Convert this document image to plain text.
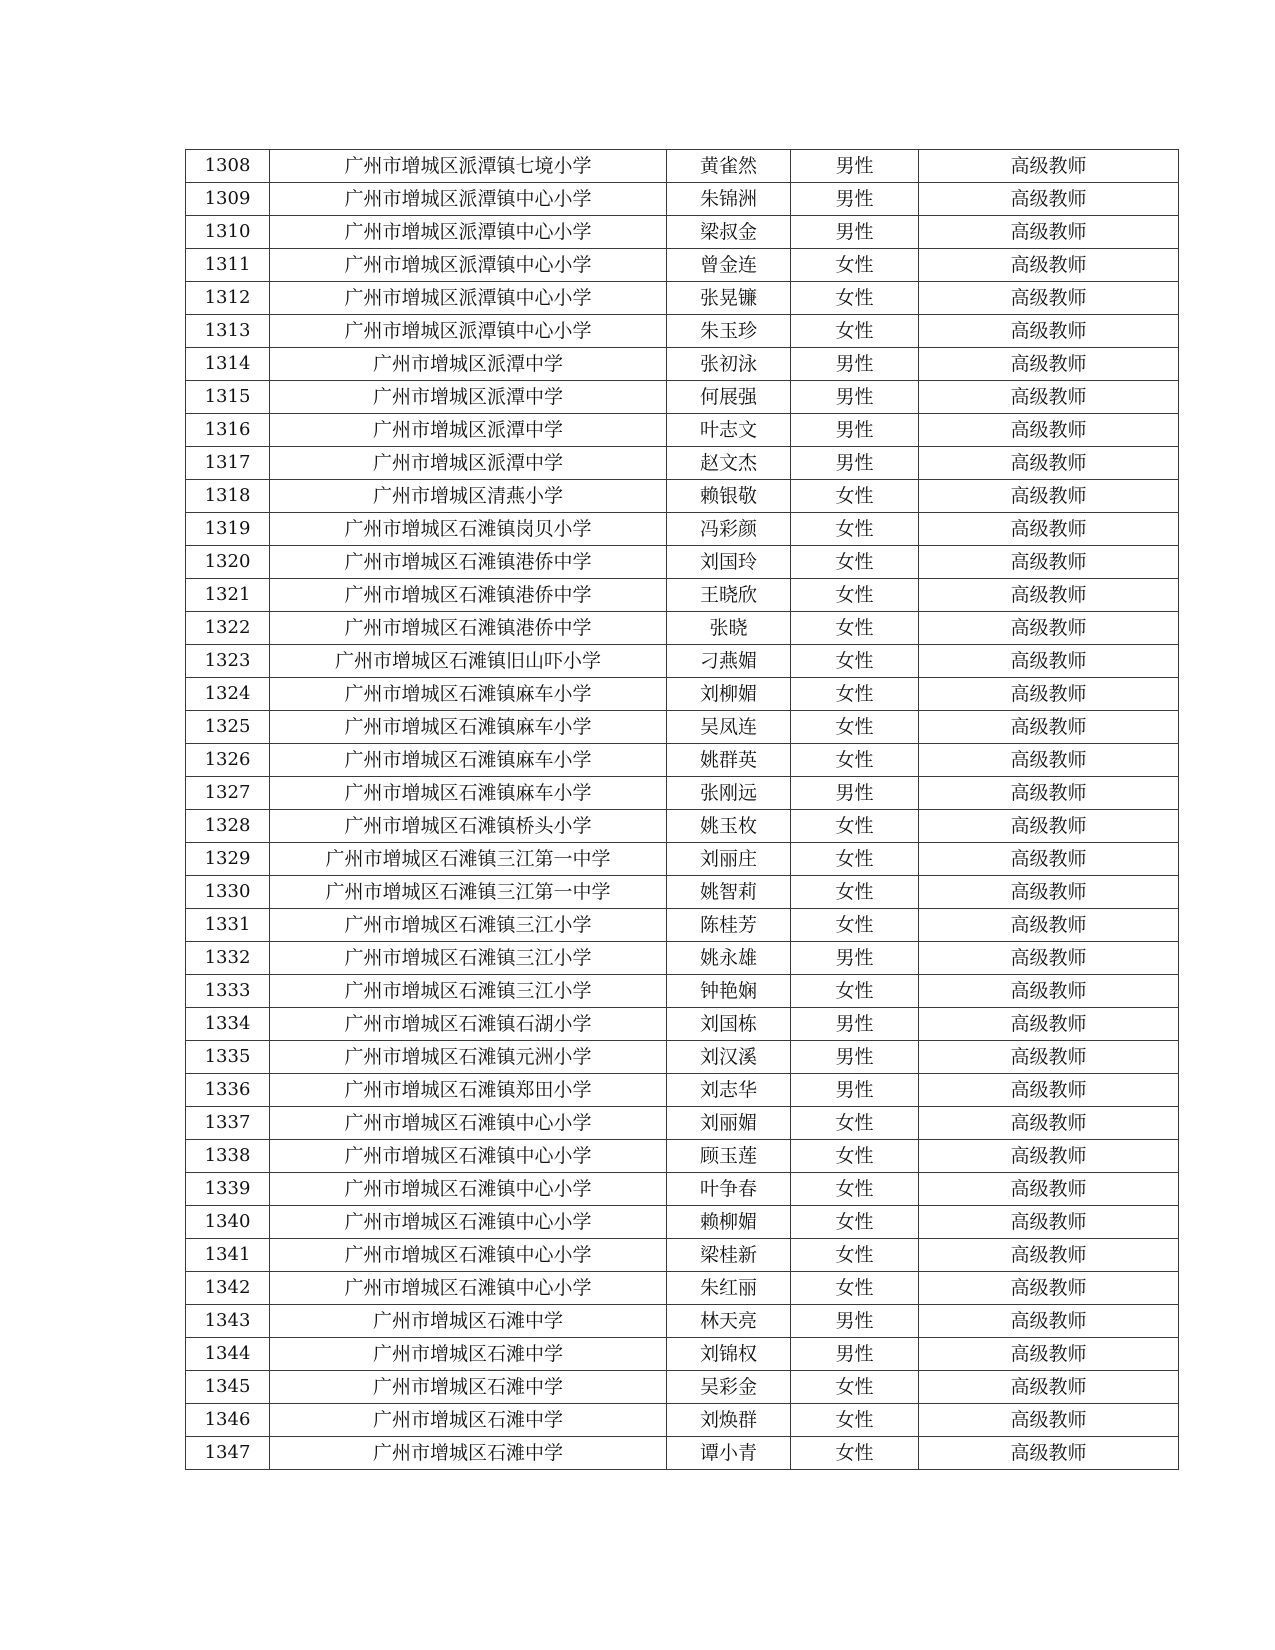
1308	广州市增城区派潭镇七境小学	黄雀然	男性	高级教师
1309	广州市增城区派潭镇中心小学	朱锦洲	男性	高级教师
1310	广州市增城区派潭镇中心小学	梁叔金	男性	高级教师
1311	广州市增城区派潭镇中心小学	曾金连	女性	高级教师
1312	广州市增城区派潭镇中心小学	张晃镰	女性	高级教师
1313	广州市增城区派潭镇中心小学	朱玉珍	女性	高级教师
1314	广州市增城区派潭中学	张初泳	男性	高级教师
1315	广州市增城区派潭中学	何展强	男性	高级教师
1316	广州市增城区派潭中学	叶志文	男性	高级教师
1317	广州市增城区派潭中学	赵文杰	男性	高级教师
1318	广州市增城区清燕小学	赖银敬	女性	高级教师
1319	广州市增城区石滩镇岗贝小学	冯彩颜	女性	高级教师
1320	广州市增城区石滩镇港侨中学	刘国玲	女性	高级教师
1321	广州市增城区石滩镇港侨中学	王晓欣	女性	高级教师
1322	广州市增城区石滩镇港侨中学	张晓	女性	高级教师
1323	广州市增城区石滩镇旧山吓小学	刁燕媚	女性	高级教师
1324	广州市增城区石滩镇麻车小学	刘柳媚	女性	高级教师
1325	广州市增城区石滩镇麻车小学	吴凤连	女性	高级教师
1326	广州市增城区石滩镇麻车小学	姚群英	女性	高级教师
1327	广州市增城区石滩镇麻车小学	张刚远	男性	高级教师
1328	广州市增城区石滩镇桥头小学	姚玉枚	女性	高级教师
1329	广州市增城区石滩镇三江第一中学	刘丽庄	女性	高级教师
1330	广州市增城区石滩镇三江第一中学	姚智莉	女性	高级教师
1331	广州市增城区石滩镇三江小学	陈桂芳	女性	高级教师
1332	广州市增城区石滩镇三江小学	姚永雄	男性	高级教师
1333	广州市增城区石滩镇三江小学	钟艳娴	女性	高级教师
1334	广州市增城区石滩镇石湖小学	刘国栋	男性	高级教师
1335	广州市增城区石滩镇元洲小学	刘汉溪	男性	高级教师
1336	广州市增城区石滩镇郑田小学	刘志华	男性	高级教师
1337	广州市增城区石滩镇中心小学	刘丽媚	女性	高级教师
1338	广州市增城区石滩镇中心小学	顾玉莲	女性	高级教师
1339	广州市增城区石滩镇中心小学	叶争春	女性	高级教师
1340	广州市增城区石滩镇中心小学	赖柳媚	女性	高级教师
1341	广州市增城区石滩镇中心小学	梁桂新	女性	高级教师
1342	广州市增城区石滩镇中心小学	朱红丽	女性	高级教师
1343	广州市增城区石滩中学	林天亮	男性	高级教师
1344	广州市增城区石滩中学	刘锦权	男性	高级教师
1345	广州市增城区石滩中学	吴彩金	女性	高级教师
1346	广州市增城区石滩中学	刘焕群	女性	高级教师
1347	广州市增城区石滩中学	谭小青	女性	高级教师
